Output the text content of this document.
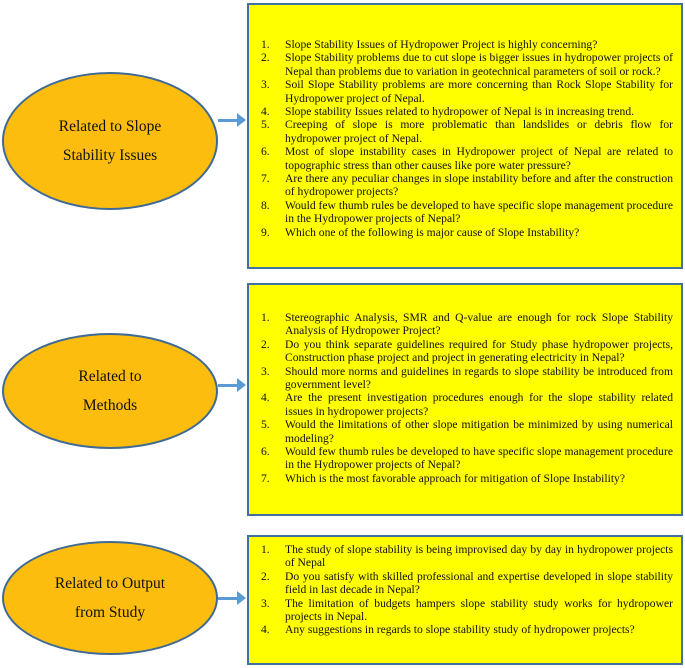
Related to Slope
Stability Issues
1.	Slope Stability Issues of Hydropower Project is highly concerning?
2.	Slope Stability problems due to cut slope is bigger issues in hydropower projects of Nepal than problems due to variation in geotechnical parameters of soil or rock.?
3.	Soil Slope Stability problems are more concerning than Rock Slope Stability for Hydropower project of Nepal.
4.	Slope stability Issues related to hydropower of Nepal is in increasing trend.
5.	Creeping of slope is more problematic than landslides or debris flow for hydropower project of Nepal.
6.	Most of slope instability cases in Hydropower project of Nepal are related to topographic stress than other causes like pore water pressure?
7.	Are there any peculiar changes in slope instability before and after the construction of hydropower projects?
8.	Would few thumb rules be developed to have specific slope management procedure in the Hydropower projects of Nepal?
9.	Which one of the following is major cause of Slope Instability?
Related to
Methods
1.	Stereographic Analysis, SMR and Q-value are enough for rock Slope Stability Analysis of Hydropower Project?
2.	Do you think separate guidelines required for Study phase hydropower projects, Construction phase project and project in generating electricity in Nepal?
3.	Should more norms and guidelines in regards to slope stability be introduced from government level?
4.	Are the present investigation procedures enough for the slope stability related issues in hydropower projects?
5.	Would the limitations of other slope mitigation be minimized by using numerical modeling?
6.	Would few thumb rules be developed to have specific slope management procedure in the Hydropower projects of Nepal?
7.	Which is the most favorable approach for mitigation of Slope Instability?
Related to Output
from Study
1.	The study of slope stability is being improvised day by day in hydropower projects of Nepal
2.	Do you satisfy with skilled professional and expertise developed in slope stability field in last decade in Nepal?
3.	The limitation of budgets hampers slope stability study works for hydropower projects in Nepal.
4.	Any suggestions in regards to slope stability study of hydropower projects?
